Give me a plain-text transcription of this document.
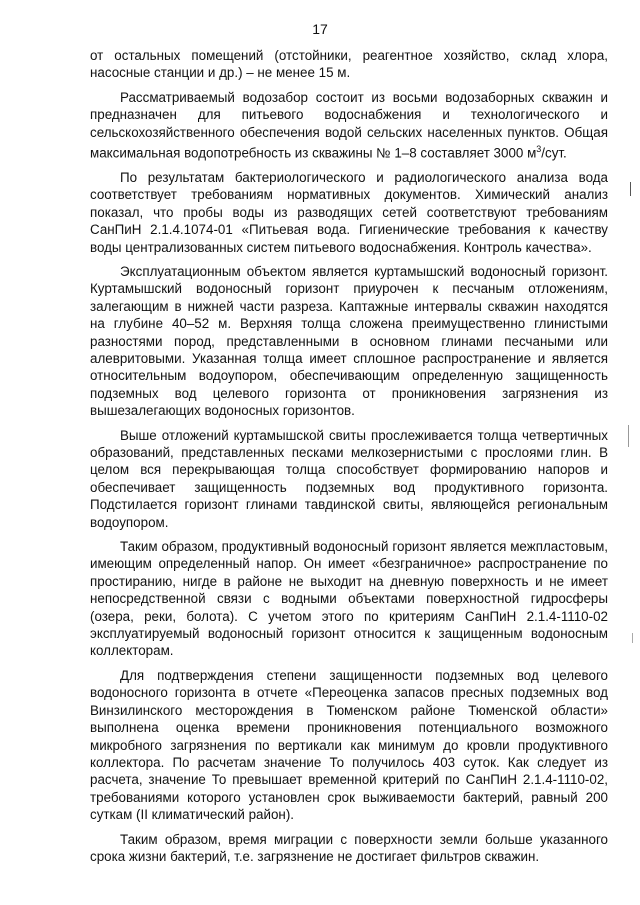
17

от остальных помещений (отстойники, реагентное хозяйство, склад хлора, насосные станции и др.) – не менее 15 м.

Рассматриваемый водозабор состоит из восьми водозаборных скважин и предназначен для питьевого водоснабжения и технологического и сельскохозяйственного обеспечения водой сельских населенных пунктов. Общая максимальная водопотребность из скважины № 1–8 составляет 3000 $м^3$/сут.

По результатам бактериологического и радиологического анализа вода соответствует требованиям нормативных документов. Химический анализ показал, что пробы воды из разводящих сетей соответствуют требованиям СанПиН 2.1.4.1074-01 «Питьевая вода. Гигиенические требования к качеству воды централизованных систем питьевого водоснабжения. Контроль качества».

Эксплуатационным объектом является куртамышский водоносный горизонт. Куртамышский водоносный горизонт приурочен к песчаным отложениям, залегающим в нижней части разреза. Каптажные интервалы скважин находятся на глубине 40–52 м. Верхняя толща сложена преимущественно глинистыми разностями пород, представленными в основном глинами песчаными или алевритовыми. Указанная толща имеет сплошное распространение и является относительным водоупором, обеспечивающим определенную защищенность подземных вод целевого горизонта от проникновения загрязнения из вышезалегающих водоносных горизонтов.

Выше отложений куртамышской свиты прослеживается толща четвертичных образований, представленных песками мелкозернистыми с прослоями глин. В целом вся перекрывающая толща способствует формированию напоров и обеспечивает защищенность подземных вод продуктивного горизонта. Подстилается горизонт глинами тавдинской свиты, являющейся региональным водоупором.

Таким образом, продуктивный водоносный горизонт является межпластовым, имеющим определенный напор. Он имеет «безграничное» распространение по простиранию, нигде в районе не выходит на дневную поверхность и не имеет непосредственной связи с водными объектами поверхностной гидросферы (озера, реки, болота). С учетом этого по критериям СанПиН 2.1.4-1110-02 эксплуатируемый водоносный горизонт относится к защищенным водоносным коллекторам.

Для подтверждения степени защищенности подземных вод целевого водоносного горизонта в отчете «Переоценка запасов пресных подземных вод Винзилинского месторождения в Тюменском районе Тюменской области» выполнена оценка времени проникновения потенциального возможного микробного загрязнения по вертикали как минимум до кровли продуктивного коллектора. По расчетам значение То получилось 403 суток. Как следует из расчета, значение То превышает временной критерий по СанПиН 2.1.4-1110-02, требованиями которого установлен срок выживаемости бактерий, равный 200 суткам (II климатический район).

Таким образом, время миграции с поверхности земли больше указанного срока жизни бактерий, т.е. загрязнение не достигает фильтров скважин.
